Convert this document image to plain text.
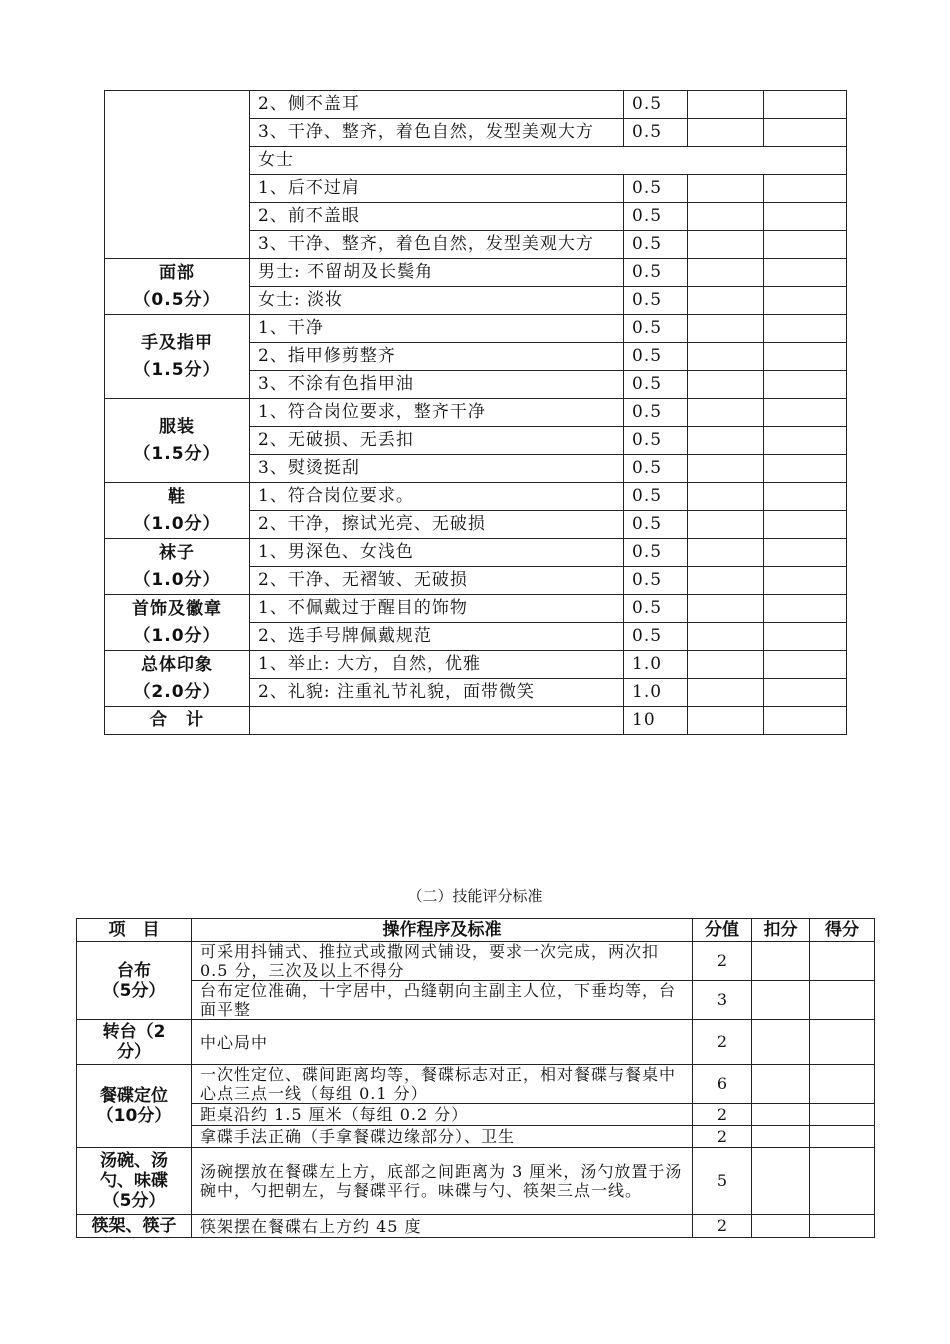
	2、侧不盖耳	0.5		
	3、干净、整齐，着色自然，发型美观大方	0.5		
	女士			
	1、后不过肩	0.5		
	2、前不盖眼	0.5		
	3、干净、整齐，着色自然，发型美观大方	0.5		

面部
（0.5分）	男士: 不留胡及长鬓角	0.5		
	女士: 淡妆	0.5		

手及指甲
（1.5分）	1、干净	0.5		
	2、指甲修剪整齐	0.5		
	3、不涂有色指甲油	0.5		

服装
（1.5分）	1、符合岗位要求，整齐干净	0.5		
	2、无破损、无丢扣	0.5		
	3、熨烫挺刮	0.5		

鞋
（1.0分）	1、符合岗位要求。	0.5		
	2、干净，擦试光亮、无破损	0.5		

袜子
（1.0分）	1、男深色、女浅色	0.5		
	2、干净、无褶皱、无破损	0.5		

首饰及徽章
（1.0分）	1、不佩戴过于醒目的饰物	0.5		
	2、选手号牌佩戴规范	0.5		

总体印象
（2.0分）	1、举止: 大方，自然，优雅	1.0		
	2、礼貌: 注重礼节礼貌，面带微笑	1.0		
合　计		10		
（二）技能评分标准
项　目	操作程序及标准	分值	扣分	得分

台布
（5分）	可采用抖铺式、推拉式或撒网式铺设，要求一次完成，两次扣 0.5 分，三次及以上不得分	2		
	台布定位准确，十字居中，凸缝朝向主副主人位，下垂均等，台面平整	3		

转台（2
分）	中心局中	2		

餐碟定位
（10分）	一次性定位、碟间距离均等，餐碟标志对正，相对餐碟与餐桌中心点三点一线（每组 0.1 分）	6		
	距桌沿约 1.5 厘米（每组 0.2 分）	2		
	拿碟手法正确（手拿餐碟边缘部分）、卫生	2		

汤碗、汤
勺、味碟
（5分）	汤碗摆放在餐碟左上方，底部之间距离为 3 厘米，汤勺放置于汤碗中，勺把朝左，与餐碟平行。味碟与勺、筷架三点一线。	5		
筷架、筷子	筷架摆在餐碟右上方约 45 度	2		
